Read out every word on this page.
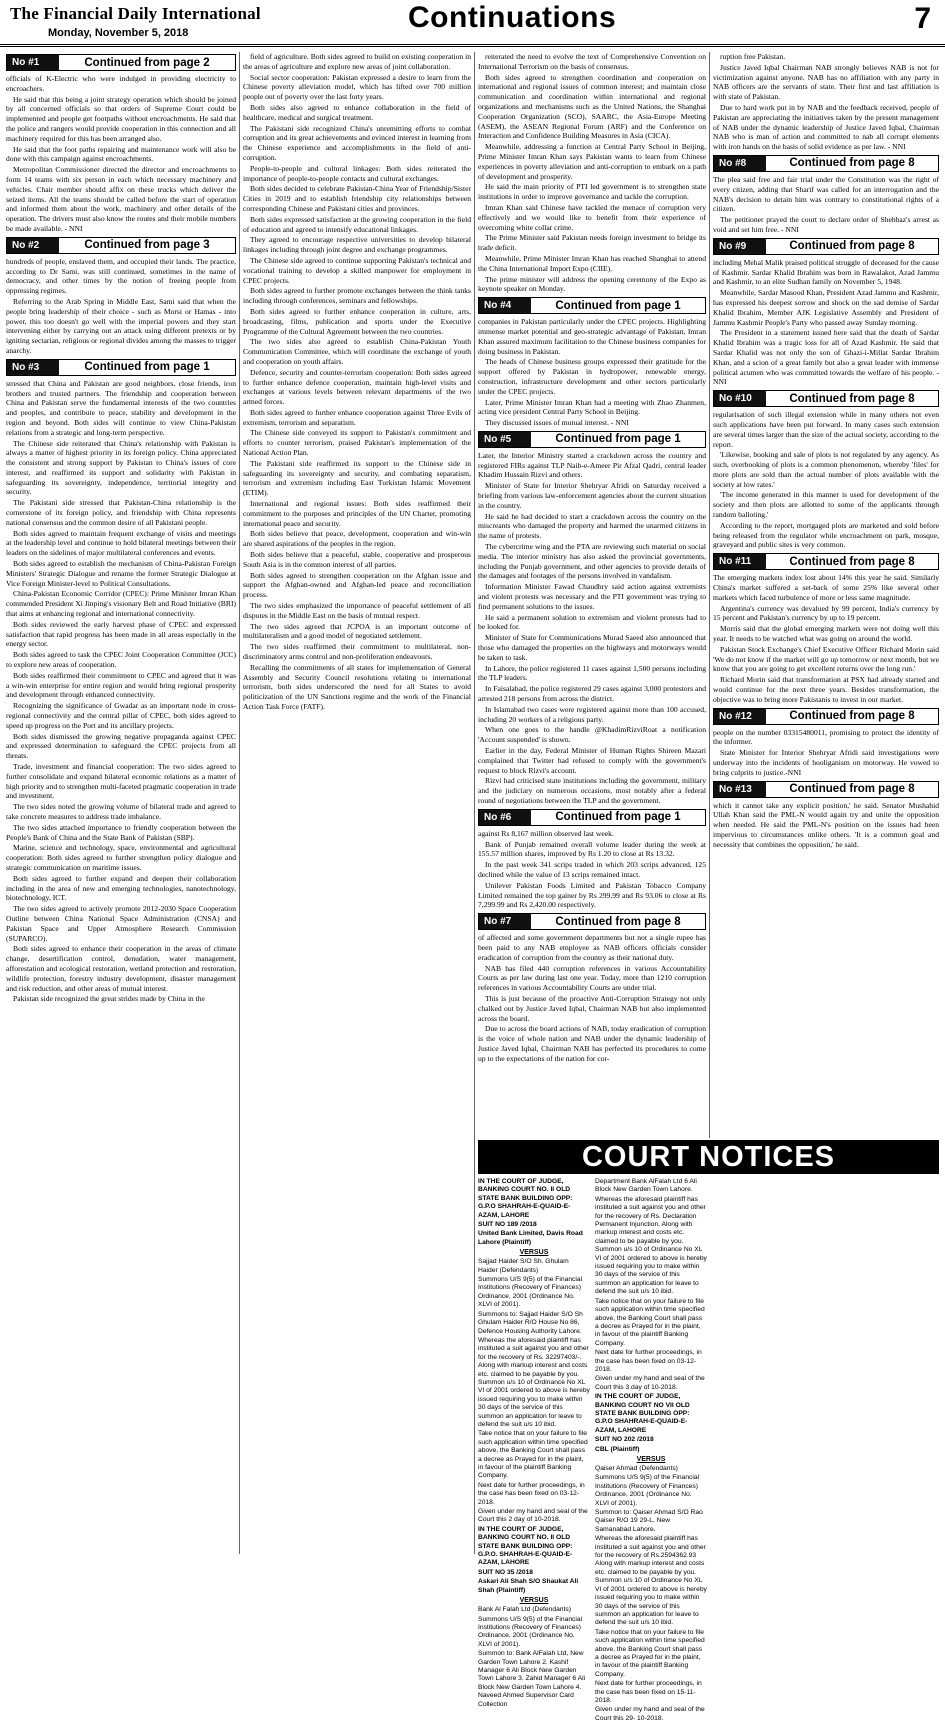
The Financial Daily International
Monday, November 5, 2018	Continuations	7
No #1	Continued from page 2

officials of K-Electric who were indulged in providing electricity to encroachers.

He said that this being a joint strategy operation which should be joined by all concerned officials so that orders of Supreme Court could be implemented and people get footpaths without encroachments. He said that the police and rangers would provide cooperation in this connection and all machinery required for this has been arranged also.

He said that the foot paths repairing and maintenance work will also be done with this campaign against encroachments.

Metropolitan Commissioner directed the director and encroachments to form 14 teams with six person in each which necessary machinery and vehicles. Chair member should affix on these trucks which deliver the seized items. All the teams should be called before the start of operation and informed them about the work, machinery and other details of the operation. The drivers must also know the routes and their mobile numbers be made available. - NNI

No #2	Continued from page 3

hundreds of people, enslaved them, and occupied their lands. The practice, according to Dr Sami, was still continued, sometimes in the name of democracy, and other times by the notion of freeing people from oppressing regimes.

Referring to the Arab Spring in Middle East, Sami said that when the people bring leadership of their choice - such as Morsi or Hamas - into power, this too doesn't go well with the imperial powers and they start intervening either by carrying out an attack using different pretexts or by igniting sectarian, religious or regional divides among the masses to trigger anarchy.

No #3	Continued from page 1

stressed that China and Pakistan are good neighbors, close friends, iron brothers and trusted partners. The friendship and cooperation between China and Pakistan serve the fundamental interests of the two countries and peoples, and contribute to peace, stability and development in the region and beyond. Both sides will continue to view China-Pakistan relations from a strategic and long-term perspective.

The Chinese side reiterated that China's relationship with Pakistan is always a matter of highest priority in its foreign policy. China appreciated the consistent and strong support by Pakistan to China's issues of core interest, and reaffirmed its support and solidarity with Pakistan in safeguarding its sovereignty, independence, territorial integrity and security.

The Pakistani side stressed that Pakistan-China relationship is the cornerstone of its foreign policy, and friendship with China represents national consensus and the common desire of all Pakistani people.

Both sides agreed to maintain frequent exchange of visits and meetings at the leadership level and continue to hold bilateral meetings between their leaders on the sidelines of major multilateral conferences and events.

Both sides agreed to establish the mechanism of China-Pakistan Foreign Ministers' Strategic Dialogue and rename the former Strategic Dialogue at Vice Foreign Minister-level to Political Consultations.

China-Pakistan Economic Corridor (CPEC): Prime Minister Imran Khan commended President Xi Jinping's visionary Belt and Road Initiative (BRI) that aims at enhancing regional and international connectivity.

Both sides reviewed the early harvest phase of CPEC and expressed satisfaction that rapid progress has been made in all areas especially in the energy sector.

Both sides agreed to task the CPEC Joint Cooperation Committee (JCC) to explore new areas of cooperation.

Both sides reaffirmed their commitment to CPEC and agreed that it was a win-win enterprise for entire region and would bring regional prosperity and development through enhanced connectivity.

Recognizing the significance of Gwadar as an important node in cross-regional connectivity and the central pillar of CPEC, both sides agreed to speed up progress on the Port and its ancillary projects.

Both sides dismissed the growing negative propaganda against CPEC and expressed determination to safeguard the CPEC projects from all threats.

Trade, investment and financial cooperation: The two sides agreed to further consolidate and expand bilateral economic relations as a matter of high priority and to strengthen multi-faceted pragmatic cooperation in trade and investment.

The two sides noted the growing volume of bilateral trade and agreed to take concrete measures to address trade imbalance.

The two sides attached importance to friendly cooperation between the People's Bank of China and the State Bank of Pakistan (SBP).

Marine, science and technology, space, environmental and agricultural cooperation: Both sides agreed to further strengthen policy dialogue and strategic communication on maritime issues.

Both sides agreed to further expand and deepen their collaboration including in the area of new and emerging technologies, nanotechnology, biotechnology, ICT.

The two sides agreed to actively promote 2012-2030 Space Cooperation Outline between China National Space Administration (CNSA) and Pakistan Space and Upper Atmosphere Research Commission (SUPARCO).

Both sides agreed to enhance their cooperation in the areas of climate change, desertification control, denudation, water management, afforestation and ecological restoration, wetland protection and restoration, wildlife protection, forestry industry development, disaster management and risk reduction, and other areas of mutual interest.

Pakistan side recognized the great strides made by China in the

field of agriculture. Both sides agreed to build on existing cooperation in the areas of agriculture and explore new areas of joint collaboration.

Social sector cooperation: Pakistan expressed a desire to learn from the Chinese poverty alleviation model, which has lifted over 700 million people out of poverty over the last forty years.

Both sides also agreed to enhance collaboration in the field of healthcare, medical and surgical treatment.

The Pakistani side recognized China's unremitting efforts to combat corruption and its great achievements and evinced interest in learning from the Chinese experience and accomplishments in the field of anti-corruption.

People-to-people and cultural linkages: Both sides reiterated the importance of people-to-people contacts and cultural exchanges.

Both sides decided to celebrate Pakistan-China Year of Friendship/Sister Cities in 2019 and to establish friendship city relationships between corresponding Chinese and Pakistani cities and provinces.

Both sides expressed satisfaction at the growing cooperation in the field of education and agreed to intensify educational linkages.

They agreed to encourage respective universities to develop bilateral linkages including through joint degree and exchange programmes.

The Chinese side agreed to continue supporting Pakistan's technical and vocational training to develop a skilled manpower for employment in CPEC projects.

Both sides agreed to further promote exchanges between the think tanks including through conferences, seminars and fellowships.

Both sides agreed to further enhance cooperation in culture, arts, broadcasting, films, publication and sports under the Executive Programme of the Cultural Agreement between the two countries.

The two sides also agreed to establish China-Pakistan Youth Communication Committee, which will coordinate the exchange of youth and cooperation on youth affairs.

Defence, security and counter-terrorism cooperation: Both sides agreed to further enhance defence cooperation, maintain high-level visits and exchanges at various levels between relevant departments of the two armed forces.

Both sides agreed to further enhance cooperation against Three Evils of extremism, terrorism and separatism.

The Chinese side conveyed its support to Pakistan's commitment and efforts to counter terrorism, praised Pakistan's implementation of the National Action Plan.

The Pakistani side reaffirmed its support to the Chinese side in safeguarding its sovereignty and security, and combating separatism, terrorism and extremism including East Turkistan Islamic Movement (ETIM).

International and regional issues: Both sides reaffirmed their commitment to the purposes and principles of the UN Charter, promoting international peace and security.

Both sides believe that peace, development, cooperation and win-win are shared aspirations of the peoples in the region.

Both sides believe that a peaceful, stable, cooperative and prosperous South Asia is in the common interest of all parties.

Both sides agreed to strengthen cooperation on the Afghan issue and support the Afghan-owned and Afghan-led peace and reconciliation process.

The two sides emphasized the importance of peaceful settlement of all disputes in the Middle East on the basis of mutual respect.

The two sides agreed that JCPOA is an important outcome of multilateralism and a good model of negotiated settlement.

The two sides reaffirmed their commitment to multilateral, non-discriminatory arms control and non-proliferation endeavours.

Recalling the commitments of all states for implementation of General Assembly and Security Council resolutions relating to international terrorism, both sides underscored the need for all States to avoid politicization of the UN Sanctions regime and the work of the Financial Action Task Force (FATF).

reiterated the need to evolve the text of Comprehensive Convention on International Terrorism on the basis of consensus.

Both sides agreed to strengthen coordination and cooperation on international and regional issues of common interest; and maintain close communication and coordination within international and regional organizations and mechanisms such as the United Nations, the Shanghai Cooperation Organization (SCO), SAARC, the Asia-Europe Meeting (ASEM), the ASEAN Regional Forum (ARF) and the Conference on Interaction and Confidence Building Measures in Asia (CICA).

Meanwhile, addressing a function at Central Party School in Beijing, Prime Minister Imran Khan says Pakistan wants to learn from Chinese experiences in poverty alleviation and anti-corruption to embark on a path of development and prosperity.

He said the main priority of PTI led government is to strengthen state institutions in order to improve governance and tackle the corruption.

Imran Khan said Chinese have tackled the menace of corruption very effectively and we would like to benefit from their experience of overcoming white collar crime.

The Prime Minister said Pakistan needs foreign investment to bridge its trade deficit.

Meanwhile, Prime Minister Imran Khan has reached Shanghai to attend the China International Import Expo (CIIE).

The prime minister will address the opening ceremony of the Expo as keynote speaker on Monday.

No #4	Continued from page 1

companies in Pakistan particularly under the CPEC projects. Highlighting immense market potential and geo-strategic advantage of Pakistan, Imran Khan assured maximum facilitation to the Chinese business companies for doing business in Pakistan.

The heads of Chinese business groups expressed their gratitude for the support offered by Pakistan in hydropower, renewable energy, construction, infrastructure development and other sectors particularly under the CPEC projects.

Later, Prime Minister Imran Khan had a meeting with Zhao Zhanmen, acting vice president Central Party School in Beijing.

They discussed issues of mutual interest. - NNI

No #5	Continued from page 1

Later, the Interior Ministry started a crackdown across the country and registered FIRs against TLP Naib-e-Ameer Pir Afzal Qadri, central leader Khadim Hussain Rizvi and others.

Minister of State for Interior Shehryar Afridi on Saturday received a briefing from various law-enforcement agencies about the current situation in the country.

He said he had decided to start a crackdown across the country on the miscreants who damaged the property and harmed the unarmed citizens in the name of protests.

The cybercrime wing and the PTA are reviewing such material on social media. The interior ministry has also asked the provincial governments, including the Punjab government, and other agencies to provide details of the damages and footages of the persons involved in vandalism.

Information Minister Fawad Chaudhry said action against extremists and violent protests was necessary and the PTI government was trying to find permanent solutions to the issues.

He said a permanent solution to extremism and violent protests had to be looked for.

Minister of State for Communications Murad Saeed also announced that those who damaged the properties on the highways and motorways would be taken to task.

In Lahore, the police registered 11 cases against 1,500 persons including the TLP leaders.

In Faisalabad, the police registered 29 cases against 3,000 protestors and arrested 218 persons from across the district.

In Islamabad two cases were registered against more than 100 accused, including 20 workers of a religious party.

When one goes to the handle @KhadimRizviRoat a notification 'Account suspended' is shown.

Earlier in the day, Federal Minister of Human Rights Shireen Mazari complained that Twitter had refused to comply with the government's request to block Rizvi's account.

Rizvi had criticised state institutions including the government, military and the judiciary on numerous occasions, most notably after a federal round of negotiations between the TLP and the government.

No #6	Continued from page 1

against Rs 8,167 million observed last week.

Bank of Punjab remained overall volume leader during the week at 155.57 million shares, improved by Rs 1.20 to close at Rs 13.32.

In the past week 341 scrips traded in which 203 scrips advanced, 125 declined while the value of 13 scrips remained intact.

Unilever Pakistan Foods Limited and Pakistan Tobacco Company Limited remained the top gainer by Rs 299.99 and Rs 93.06 to close at Rs 7,299.99 and Rs 2,420.00 respectively.

No #7	Continued from page 8

of affected and some government departments but not a single rupee has been paid to any NAB employee as NAB officers officials consider eradication of corruption from the country as their national duty.

NAB has filed 440 corruption references in various Accountability Courts as per law during last one year. Today, more than 1210 corruption references in various Accountability Courts are under trial.

This is just because of the proactive Anti-Corruption Strategy not only chalked out by Justice Javed Iqbal, Chairman NAB but also implemented across the board.

Due to across the board actions of NAB, today eradication of corruption is the voice of whole nation and NAB under the dynamic leadership of Justice Javed Iqbal, Chairman NAB has perfected its procedures to come up to the expectations of the nation for cor-

ruption free Pakistan.

Justice Javed Iqbal Chairman NAB strongly believes NAB is not for victimization against anyone. NAB has no affiliation with any party in NAB officers are the servants of state. Their first and last affiliation is with state of Pakistan.

Due to hard work put in by NAB and the feedback received, people of Pakistan are appreciating the initiatives taken by the present management of NAB under the dynamic leadership of Justice Javed Iqbal, Chairman NAB who is man of action and committed to nab all corrupt elements with iron hands on the basis of solid evidence as per law. - NNI

No #8	Continued from page 8

The plea said free and fair trial under the Constitution was the right of every citizen, adding that Sharif was called for an interrogation and the NAB's decision to detain him was contrary to constitutional rights of a citizen.

The petitioner prayed the court to declare order of Shehbaz's arrest as void and set him free. - NNI

No #9	Continued from page 8

including Mehal Malik praised political struggle of deceased for the cause of Kashmir. Sardar Khalid Ibrahim was born in Rawalakot, Azad Jammu and Kashmir, to an elite Sudhan family on November 5, 1948.

Meanwhile, Sardar Masood Khan, President Azad Jammu and Kashmir, has expressed his deepest sorrow and shock on the sad demise of Sardar Khalid Ibrahim, Member AJK Legislative Assembly and President of Jammu Kashmir People's Party who passed away Sunday morning.

The President in a statement issued here said that the death of Sardar Khalid Ibrahim was a tragic loss for all of Azad Kashmir. He said that Sardar Khalid was not only the son of Ghazi-i-Millat Sardar Ibrahim Khan, and a scion of a great family but also a great leader with immense political acumen who was committed towards the welfare of his people. - NNI

No #10	Continued from page 8

regularisation of such illegal extension while in many others not even such applications have been put forward. In many cases such extension are several times larger than the size of the actual society, according to the report.

'Likewise, booking and sale of plots is not regulated by any agency. As such, overbooking of plots is a common phenomenon, whereby 'files' for more plots are sold than the actual number of plots available with the society at low rates.'

'The income generated in this manner is used for development of the society and then plots are allotted to some of the applicants through random balloting.'

According to the report, mortgaged plots are marketed and sold before being released from the regulator while encroachment on park, mosque, graveyard and public sites is very common.

No #11	Continued from page 8

The emerging markets index lost about 14% this year he said. Similarly China's market suffered a set-back of some 25% like several other markets which faced turbulence of more or less same magnitude.

Argentina's currency was devalued by 99 percent, India's currency by 15 percent and Pakistan's currency by up to 19 percent.

Morris said that the global emerging markets were not doing well this year. It needs to be watched what was going on around the world.

Pakistan Stock Exchange's Chief Executive Officer Richard Morin said 'We do not know if the market will go up tomorrow or next month, but we know that you are going to get excellent returns over the long run.'

Richard Morin said that transformation at PSX had already started and would continue for the next three years. Besides transformation, the objective was to bring more Pakistanis to invest in our market.

No #12	Continued from page 8

people on the number 03315480011, promising to protect the identity of the informer.

State Minister for Interior Shehryar Afridi said investigations were underway into the incidents of hooliganism on motorway. He vowed to bring culprits to justice.-NNI

No #13	Continued from page 8

which it cannot take any explicit position,' he said. Senator Mushahid Ullah Khan said the PML-N would again try and unite the opposition when needed. He said the PML-N's position on the issues had been impervious to circumstances unlike others. 'It is a common goal and necessity that combines the opposition,' he said.

COURT NOTICES

IN THE COURT OF JUDGE, BANKING COURT NO. II OLD STATE BANK BUILDING OPP: G.P.O SHAHRAH-E-QUAID-E-AZAM, LAHORE

SUIT NO 189 /2018

United Bank Limited, Davis Road Lahore (Plaintiff)

VERSUS

Sajjad Haider S/O Sh. Ghulam Haider (Defendants)

Summons U/S 9(5) of the Financial Institutions (Recovery of Finances) Ordinance, 2001 (Ordinance No. XLVI of 2001).

Summons to: Sajjad Haider S/O Sh Ghulam Haider R/O House No 86, Defence Housing Authority Lahore.

Whereas the aforesaid plaintiff has instituted a suit against you and other for the recovery of Rs. 32297403/-. Along with markup interest and costs etc. claimed to be payable by you. Summon u/s 10 of Ordinance No XL VI of 2001 ordered to above is hereby issued requiring you to make within 30 days of the service of this summon an application for leave to defend the suit u/s 10 ibid.

Take notice that on your failure to file such application within time specified above, the Banking Court shall pass a decree as Prayed for in the plaint, in favour of the plaintiff Banking Company.

Next date for further proceedings, in the case has been fixed on 03-12-2018.

Given under my hand and seal of the Court this 2 day of 10-2018.

IN THE COURT OF JUDGE, BANKING COURT NO. II OLD STATE BANK BUILDING OPP: G.P.O. SHAHRAH-E-QUAID-E-AZAM, LAHORE

SUIT NO 35 /2018

Askari Ali Shah S/O Shaukat Ali Shah (Plaintiff)

VERSUS

Bank Al Falah Ltd (Defendants)

Summons U/S 9(5) of the Financial Institutions (Recovery of Finances) Ordinance, 2001 (Ordinance No. XLVI of 2001).

Summon to: Bank AlFalah Ltd, New Garden Town Lahore 2. Kashif Manager 6 Ali Block New Garden Town Lahore 3. Zahid Manager 6 Ali Block New Garden Town Lahore 4. Naveed Ahmed Supervisor Card Collection

Department Bank AlFalah Ltd 6 Ali Block New Garden Town Lahore.

Whereas the aforesaid plaintiff has instituted a suit against you and other for the recovery of Rs. Declaration Permanent Injunction. Along with markup interest and costs etc. claimed to be payable by you. Summon u/s 10 of Ordinance No XL VI of 2001 ordered to above is hereby issued requiring you to make within 30 days of the service of this summon an application for leave to defend the suit u/s 10 ibid.

Take notice that on your failure to file such application within time specified above, the Banking Court shall pass a decree as Prayed for in the plaint, in favour of the plaintiff Banking Company.

Next date for further proceedings, in the case has been fixed on 03-12-2018.

Given under my hand and seal of the Court this 3 day of 10-2018.

IN THE COURT OF JUDGE, BANKING COURT NO VII OLD STATE BANK BUILDING OPP: G.P.O SHAHRAH-E-QUAID-E-AZAM, LAHORE

SUIT NO 202 /2018

CBL (Plaintiff)

VERSUS

Qaiser Ahmad (Defendants)

Summons U/S 9(5) of the Financial Institutions (Recovery of Finances) Ordinance, 2001 (Ordinance No. XLVI of 2001).

Summon to: Qaiser Ahmad S/O Rao Qaiser R/O 19 29-L, New Samanabad Lahore.

Whereas the aforesaid plaintiff has instituted a suit against you and other for the recovery of Rs.2594362.93 Along with markup interest and costs etc. claimed to be payable by you. Summon u/s 10 of Ordinance No XL VI of 2001 ordered to above is hereby issued requiring you to make within 30 days of the service of this summon an application for leave to defend the suit u/s 10 ibid.

Take notice that on your failure to file such application within time specified above, the Banking Court shall pass a decree as Prayed for in the plaint, in favour of the plaintiff Banking Company.

Next date for further proceedings, in the case has been fixed on 15-11-2018.

Given under my hand and seal of the Court this 29- 10-2018.
